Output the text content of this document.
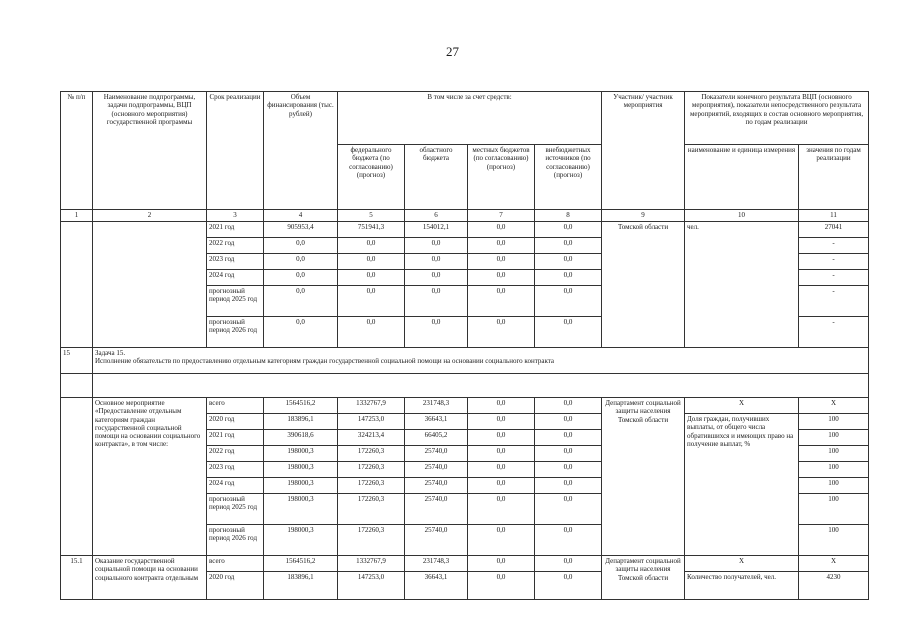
27
№ п/п	Наименование подпрограммы, задачи подпрограммы, ВЦП (основного мероприятия) государственной программы	Срок реализации	Объем финансирования (тыс. рублей)	В том числе за счет средств:				Участник/ участник мероприятия	Показатели конечного результата ВЦП (основного мероприятия), показатели непосредственного результата мероприятий, входящих в состав основного мероприятия, по годам реализации	
				федерального бюджета (по согласованию) (прогноз)	областного бюджета	местных бюджетов (по согласованию) (прогноз)	внебюджетных источников (по согласованию) (прогноз)		наименование и единица измерения	значения по годам реализации
1	2	3	4	5	6	7	8	9	10	11
		2021 год	905953,4	751941,3	154012,1	0,0	0,0	Томской области	чел.	27041
		2022 год	0,0	0,0	0,0	0,0	0,0			-
		2023 год	0,0	0,0	0,0	0,0	0,0			-
		2024 год	0,0	0,0	0,0	0,0	0,0			-
		прогнозный период 2025 год	0,0	0,0	0,0	0,0	0,0			-
		прогнозный период 2026 год	0,0	0,0	0,0	0,0	0,0			-
15	Задача 15.
Исполнение обязательств по предоставлению отдельным категориям граждан государственной социальной помощи на основании социального контракта									

	Основное мероприятие «Предоставление отдельным категориям граждан государственной социальной помощи на основании социального контракта», в том числе:	всего	1564516,2	1332767,9	231748,3	0,0	0,0	Департамент социальной защиты населения Томской области	Х	Х
		2020 год	183896,1	147253,0	36643,1	0,0	0,0		Доля граждан, получивших выплаты, от общего числа обратившихся и имеющих право на получение выплат, %	100
		2021 год	390618,6	324213,4	66405,2	0,0	0,0			100
		2022 год	198000,3	172260,3	25740,0	0,0	0,0			100
		2023 год	198000,3	172260,3	25740,0	0,0	0,0			100
		2024 год	198000,3	172260,3	25740,0	0,0	0,0			100
		прогнозный период 2025 год	198000,3	172260,3	25740,0	0,0	0,0			100
		прогнозный период 2026 год	198000,3	172260,3	25740,0	0,0	0,0			100
15.1	Оказание государственной социальной помощи на основании социального контракта отдельным	всего	1564516,2	1332767,9	231748,3	0,0	0,0	Департамент социальной защиты населения Томской области	Х	Х
		2020 год	183896,1	147253,0	36643,1	0,0	0,0		Количество получателей, чел.	4230
